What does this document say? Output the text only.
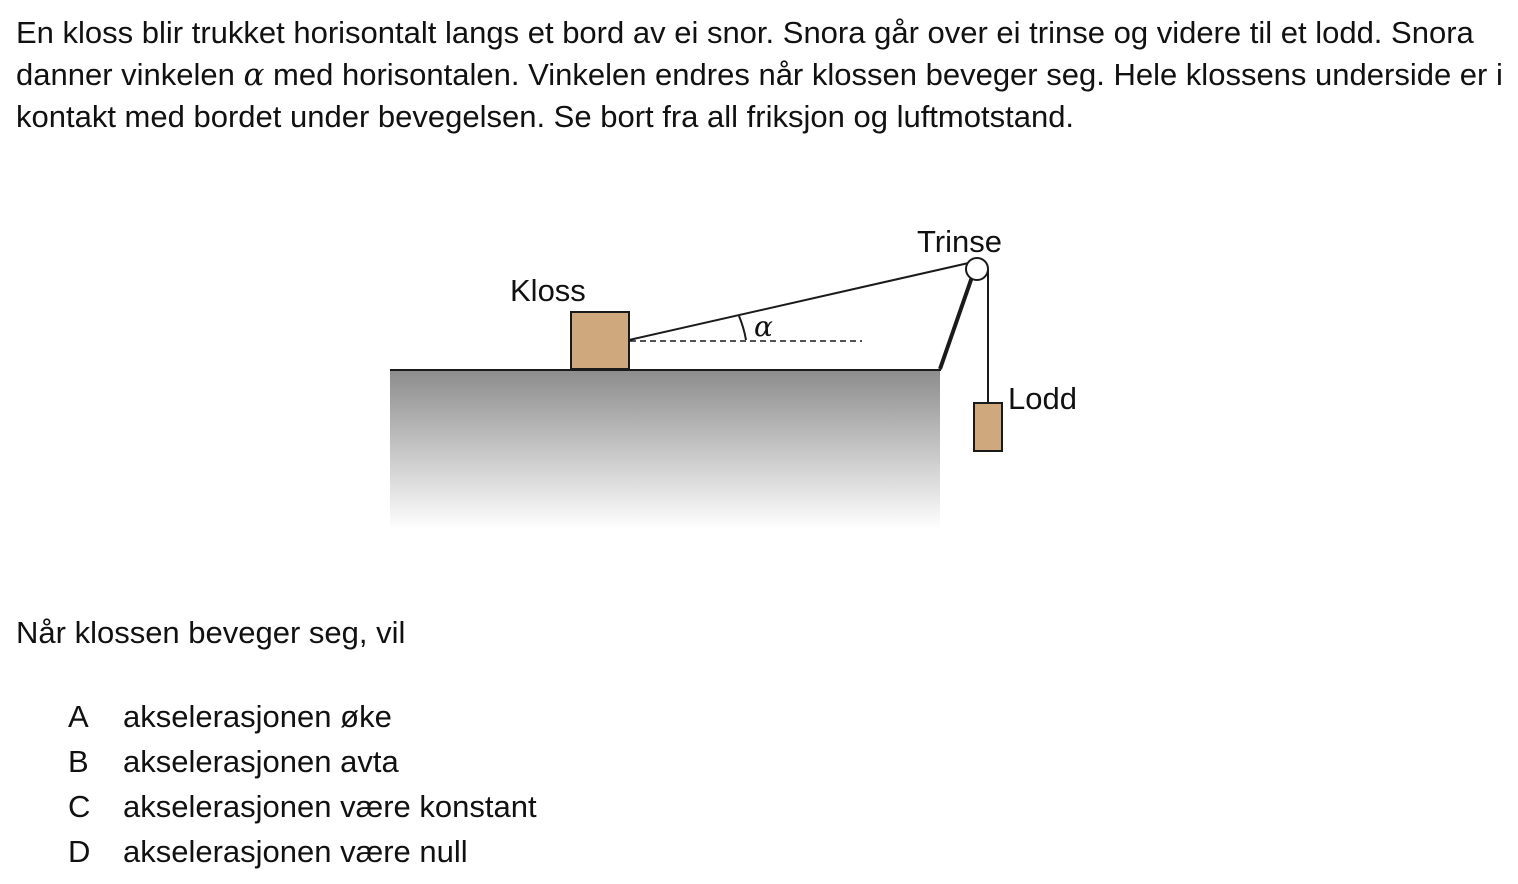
En kloss blir trukket horisontalt langs et bord av ei snor. Snora går over ei trinse og videre til et lodd. Snora danner vinkelen α med horisontalen. Vinkelen endres når klossen beveger seg. Hele klossens underside er i kontakt med bordet under bevegelsen. Se bort fra all friksjon og luftmotstand.

α
Kloss
Trinse
Lodd

Når klossen beveger seg, vil

A	akselerasjonen øke
B	akselerasjonen avta
C	akselerasjonen være konstant
D	akselerasjonen være null
